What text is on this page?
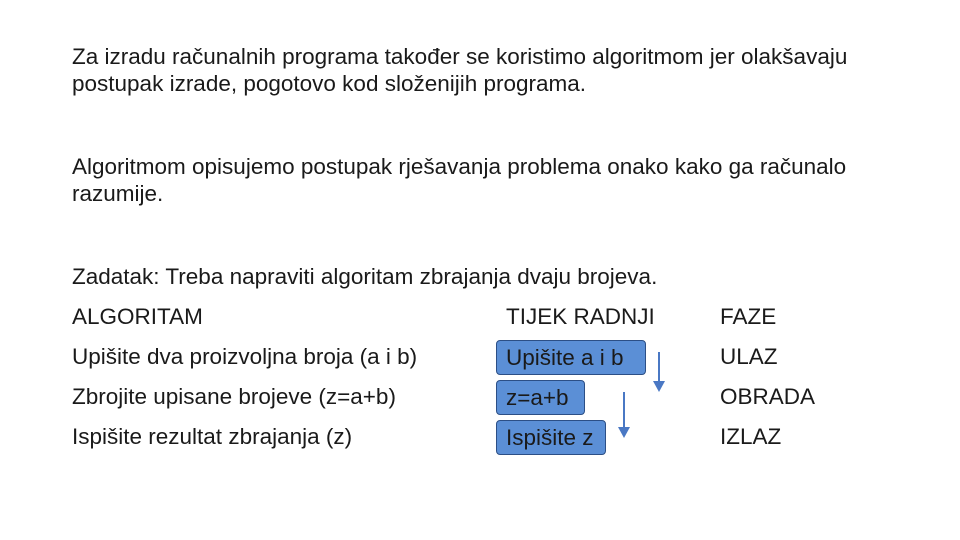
Za izradu računalnih programa također se koristimo algoritmom jer olakšavaju postupak izrade, pogotovo kod složenijih programa.

Algoritmom opisujemo postupak rješavanja problema onako kako ga računalo razumije.

Zadatak: Treba napraviti algoritam zbrajanja dvaju brojeva.
ALGORITAM	TIJEK RADNJI	FAZE
Upišite dva proizvoljna broja (a i b)
Zbrojite upisane brojeve (z=a+b)
Ispišite rezultat zbrajanja (z)
Upišite a i b
z=a+b
Ispišite z
ULAZ
OBRADA
IZLAZ
